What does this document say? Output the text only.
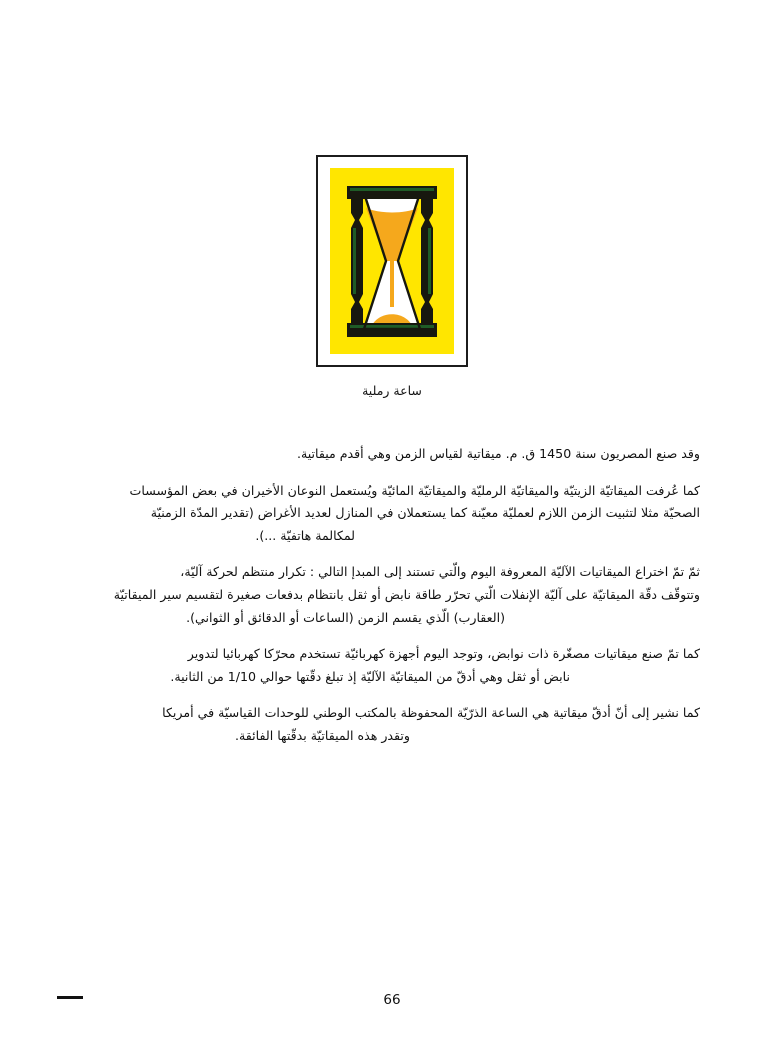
ساعة رملية

وقد صنع المصريون سنة 1450 ق. م. ميقاتية لقياس الزمن وهي أقدم ميقاتية.

كما عُرفت الميقاتيّة الزيتيّة والميقاتيّة الرمليّة والميقاتيّة المائيّة ويُستعمل النوعان الأخيران في بعض المؤسسات
الصحيّة مثلا لتثبيت الزمن اللازم لعمليّة معيّنة كما يستعملان في المنازل لعديد الأغراض (تقدير المدّة الزمنيّة
لمكالمة هاتفيّة ...).

ثمّ تمّ اختراع الميقاتيات الآليّة المعروفة اليوم والّتي تستند إلى المبدإ التالي : تكرار منتظم لحركة آليّة،
وتتوقّف دقّة الميقاتيّة على آليّة الإنفلات الّتي تحرّر طاقة نابض أو ثقل بانتظام بدفعات صغيرة لتقسيم سير الميقاتيّة
(العقارب) الّذي يقسم الزمن (الساعات أو الدقائق أو الثواني).

كما تمّ صنع ميقاتيات مصغّرة ذات نوابض، وتوجد اليوم أجهزة كهربائيّة تستخدم محرّكا كهربائيا لتدوير
نابض أو ثقل وهي أدقّ من الميقاتيّة الآليّة إذ تبلغ دقّتها حوالي 1/10 من الثانية.

كما نشير إلى أنّ أدقّ ميقاتية هي الساعة الذرّيّة المحفوظة بالمكتب الوطني للوحدات القياسيّة في أمريكا
وتقدر هذه الميقاتيّة بدقّتها الفائقة.

66
